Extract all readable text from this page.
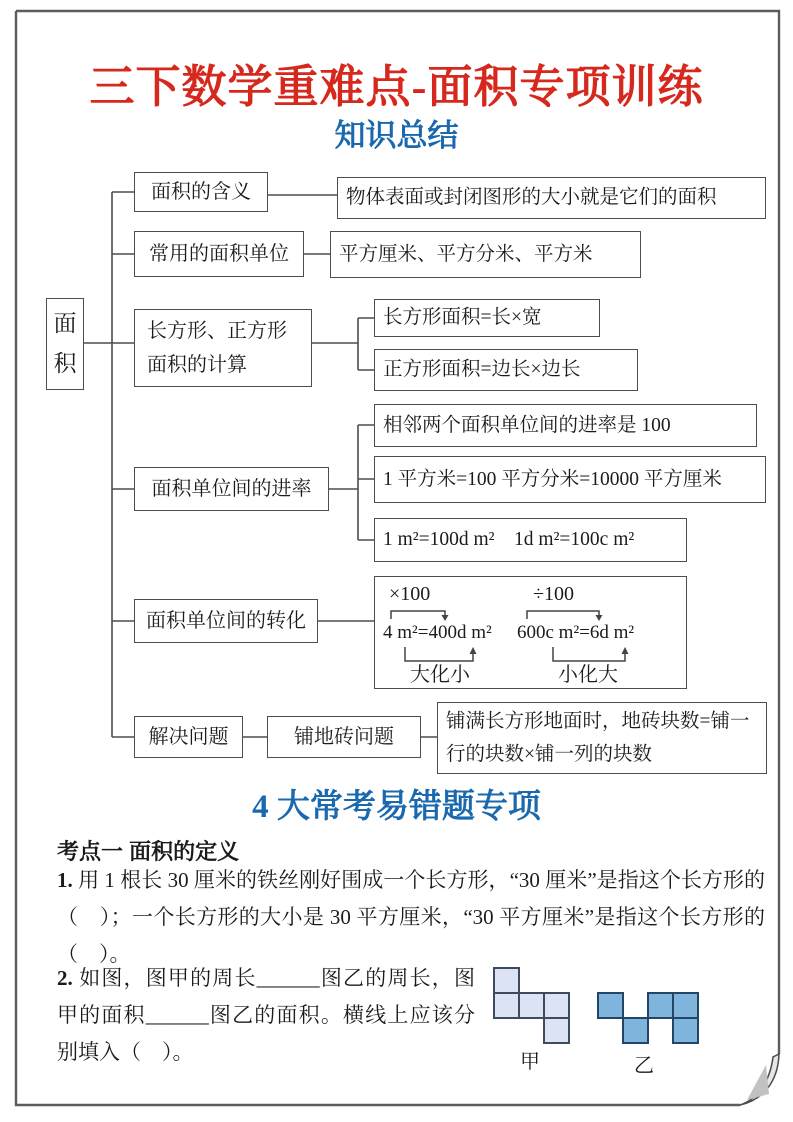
三下数学重难点-面积专项训练
知识总结
面积
面积的含义
常用的面积单位
长方形、正方形面积的计算
面积单位间的进率
面积单位间的转化
解决问题	铺地砖问题
物体表面或封闭图形的大小就是它们的面积
平方厘米、平方分米、平方米
长方形面积=长×宽
正方形面积=边长×边长
相邻两个面积单位间的进率是 100
1 平方米=100 平方分米=10000 平方厘米
1 m²=100d m²　1d m²=100c m²
铺满长方形地面时，地砖块数=铺一行的块数×铺一列的块数
×100	÷100
4 m²=400d m² 600c m²=6d m²
大化小	小化大
4 大常考易错题专项
考点一 面积的定义
1. 用 1 根长 30 厘米的铁丝刚好围成一个长方形，“30 厘米”是指这个长方形的（　）；一个长方形的大小是 30 平方厘米，“30 平方厘米”是指这个长方形的（　）。
2. 如图，图甲的周长______图乙的周长，图甲的面积______图乙的面积。横线上应该分别填入（　）。	甲	乙
